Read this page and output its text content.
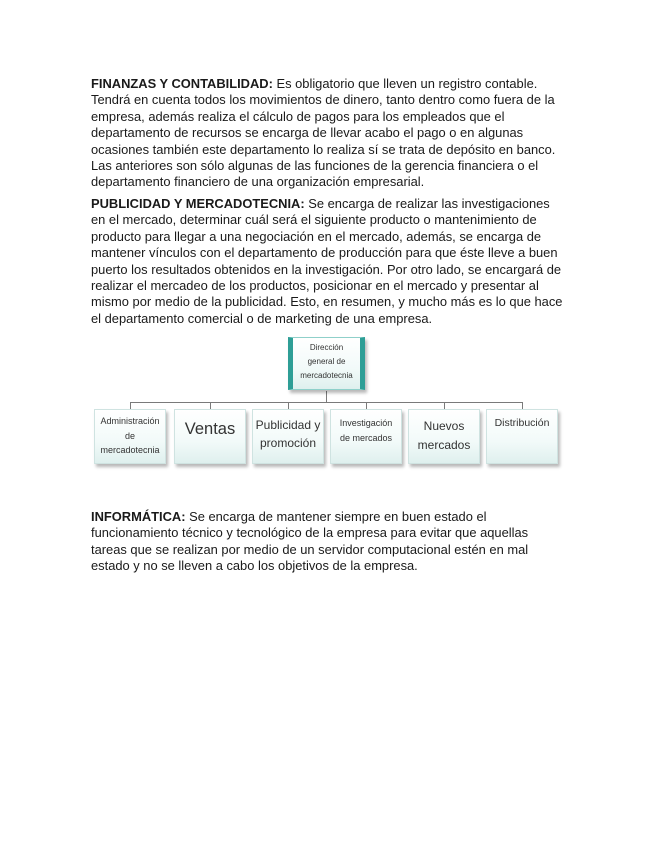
FINANZAS Y CONTABILIDAD: Es obligatorio que lleven un registro contable. Tendrá en cuenta todos los movimientos de dinero, tanto dentro como fuera de la empresa, además realiza el cálculo de pagos para los empleados que el departamento de recursos se encarga de llevar acabo el pago o en algunas ocasiones también este departamento lo realiza sí se trata de depósito en banco. Las anteriores son sólo algunas de las funciones de la gerencia financiera o el departamento financiero de una organización empresarial.

PUBLICIDAD Y MERCADOTECNIA: Se encarga de realizar las investigaciones en el mercado, determinar cuál será el siguiente producto o mantenimiento de producto para llegar a una negociación en el mercado, además, se encarga de mantener vínculos con el departamento de producción para que éste lleve a buen puerto los resultados obtenidos en la investigación. Por otro lado, se encargará de realizar el mercadeo de los productos, posicionar en el mercado y presentar al mismo por medio de la publicidad. Esto, en resumen, y mucho más es lo que hace el departamento comercial o de marketing de una empresa.

Dirección
general de
mercadotecnia
Administración
de
mercadotecnia
Ventas	Publicidad y
promoción
Investigación
de mercados
Nuevos
mercados
Distribución

INFORMÁTICA: Se encarga de mantener siempre en buen estado el funcionamiento técnico y tecnológico de la empresa para evitar que aquellas tareas que se realizan por medio de un servidor computacional estén en mal estado y no se lleven a cabo los objetivos de la empresa.
